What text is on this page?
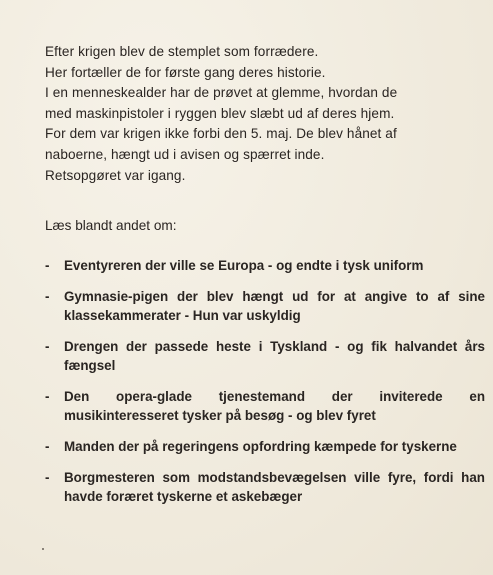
Efter krigen blev de stemplet som forrædere.

Her fortæller de for første gang deres historie.

I en menneskealder har de prøvet at glemme, hvordan de

med maskinpistoler i ryggen blev slæbt ud af deres hjem.

For dem var krigen ikke forbi den 5. maj. De blev hånet af

naboerne, hængt ud i avisen og spærret inde.

Retsopgøret var igang.

Læs blandt andet om:

-	Eventyreren der ville se Europa - og endte i tysk uniform
-	Gymnasie-pigen der blev hængt ud for at angive to af sine klassekammerater - Hun var uskyldig
-	Drengen der passede heste i Tyskland - og fik halvandet års fængsel
-	Den opera-glade tjenestemand der inviterede en musikinteresseret tysker på besøg - og blev fyret
-	Manden der på regeringens opfordring kæmpede for tyskerne
-	Borgmesteren som modstandsbevægelsen ville fyre, fordi han havde foræret tyskerne et askebæger
